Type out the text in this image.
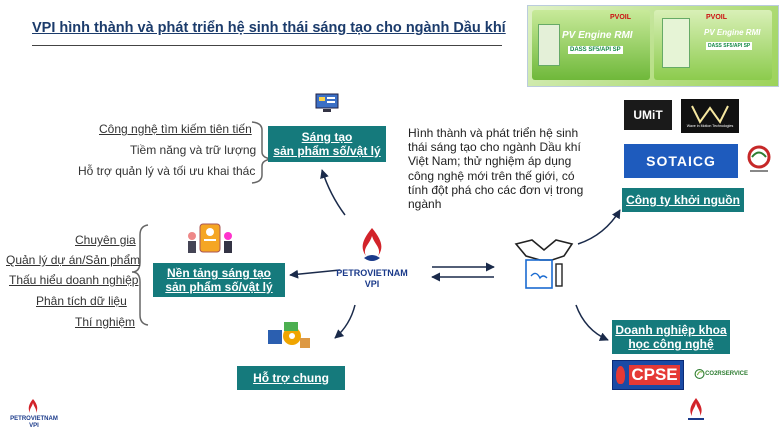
VPI hình thành và phát triển hệ sinh thái sáng tạo cho ngành Dầu khí
PVOIL
PV Engine RMI
DASS SF5/API SP
PVOIL
PV Engine RMI
DASS SF5/API SP
Công nghệ tìm kiếm tiên tiến
Tiềm năng và trữ lượng
Hỗ trợ quản lý và tối ưu khai thác
Sáng tạo
sản phẩm số/vật lý
Chuyên gia
Quản lý dự án/Sản phẩm
Thấu hiểu doanh nghiệp
Phân tích dữ liệu
Thí nghiệm
Nền tảng sáng tạo
sản phẩm số/vật lý
PETROVIETNAM
VPI
Hỗ trợ chung
Hình thành và phát triển hệ sinh thái sáng tạo cho ngành Dầu khí Việt Nam; thử nghiệm áp dụng công nghệ mới trên thế giới, có tính đột phá cho các đơn vị trong ngành
UMiT
Wave in Motion Technologies
SOTAICG
Công ty khởi nguồn
Doanh nghiệp khoa
học công nghệ
CPSE	CO2RSERVICE
PETROVIETNAM
VPI
